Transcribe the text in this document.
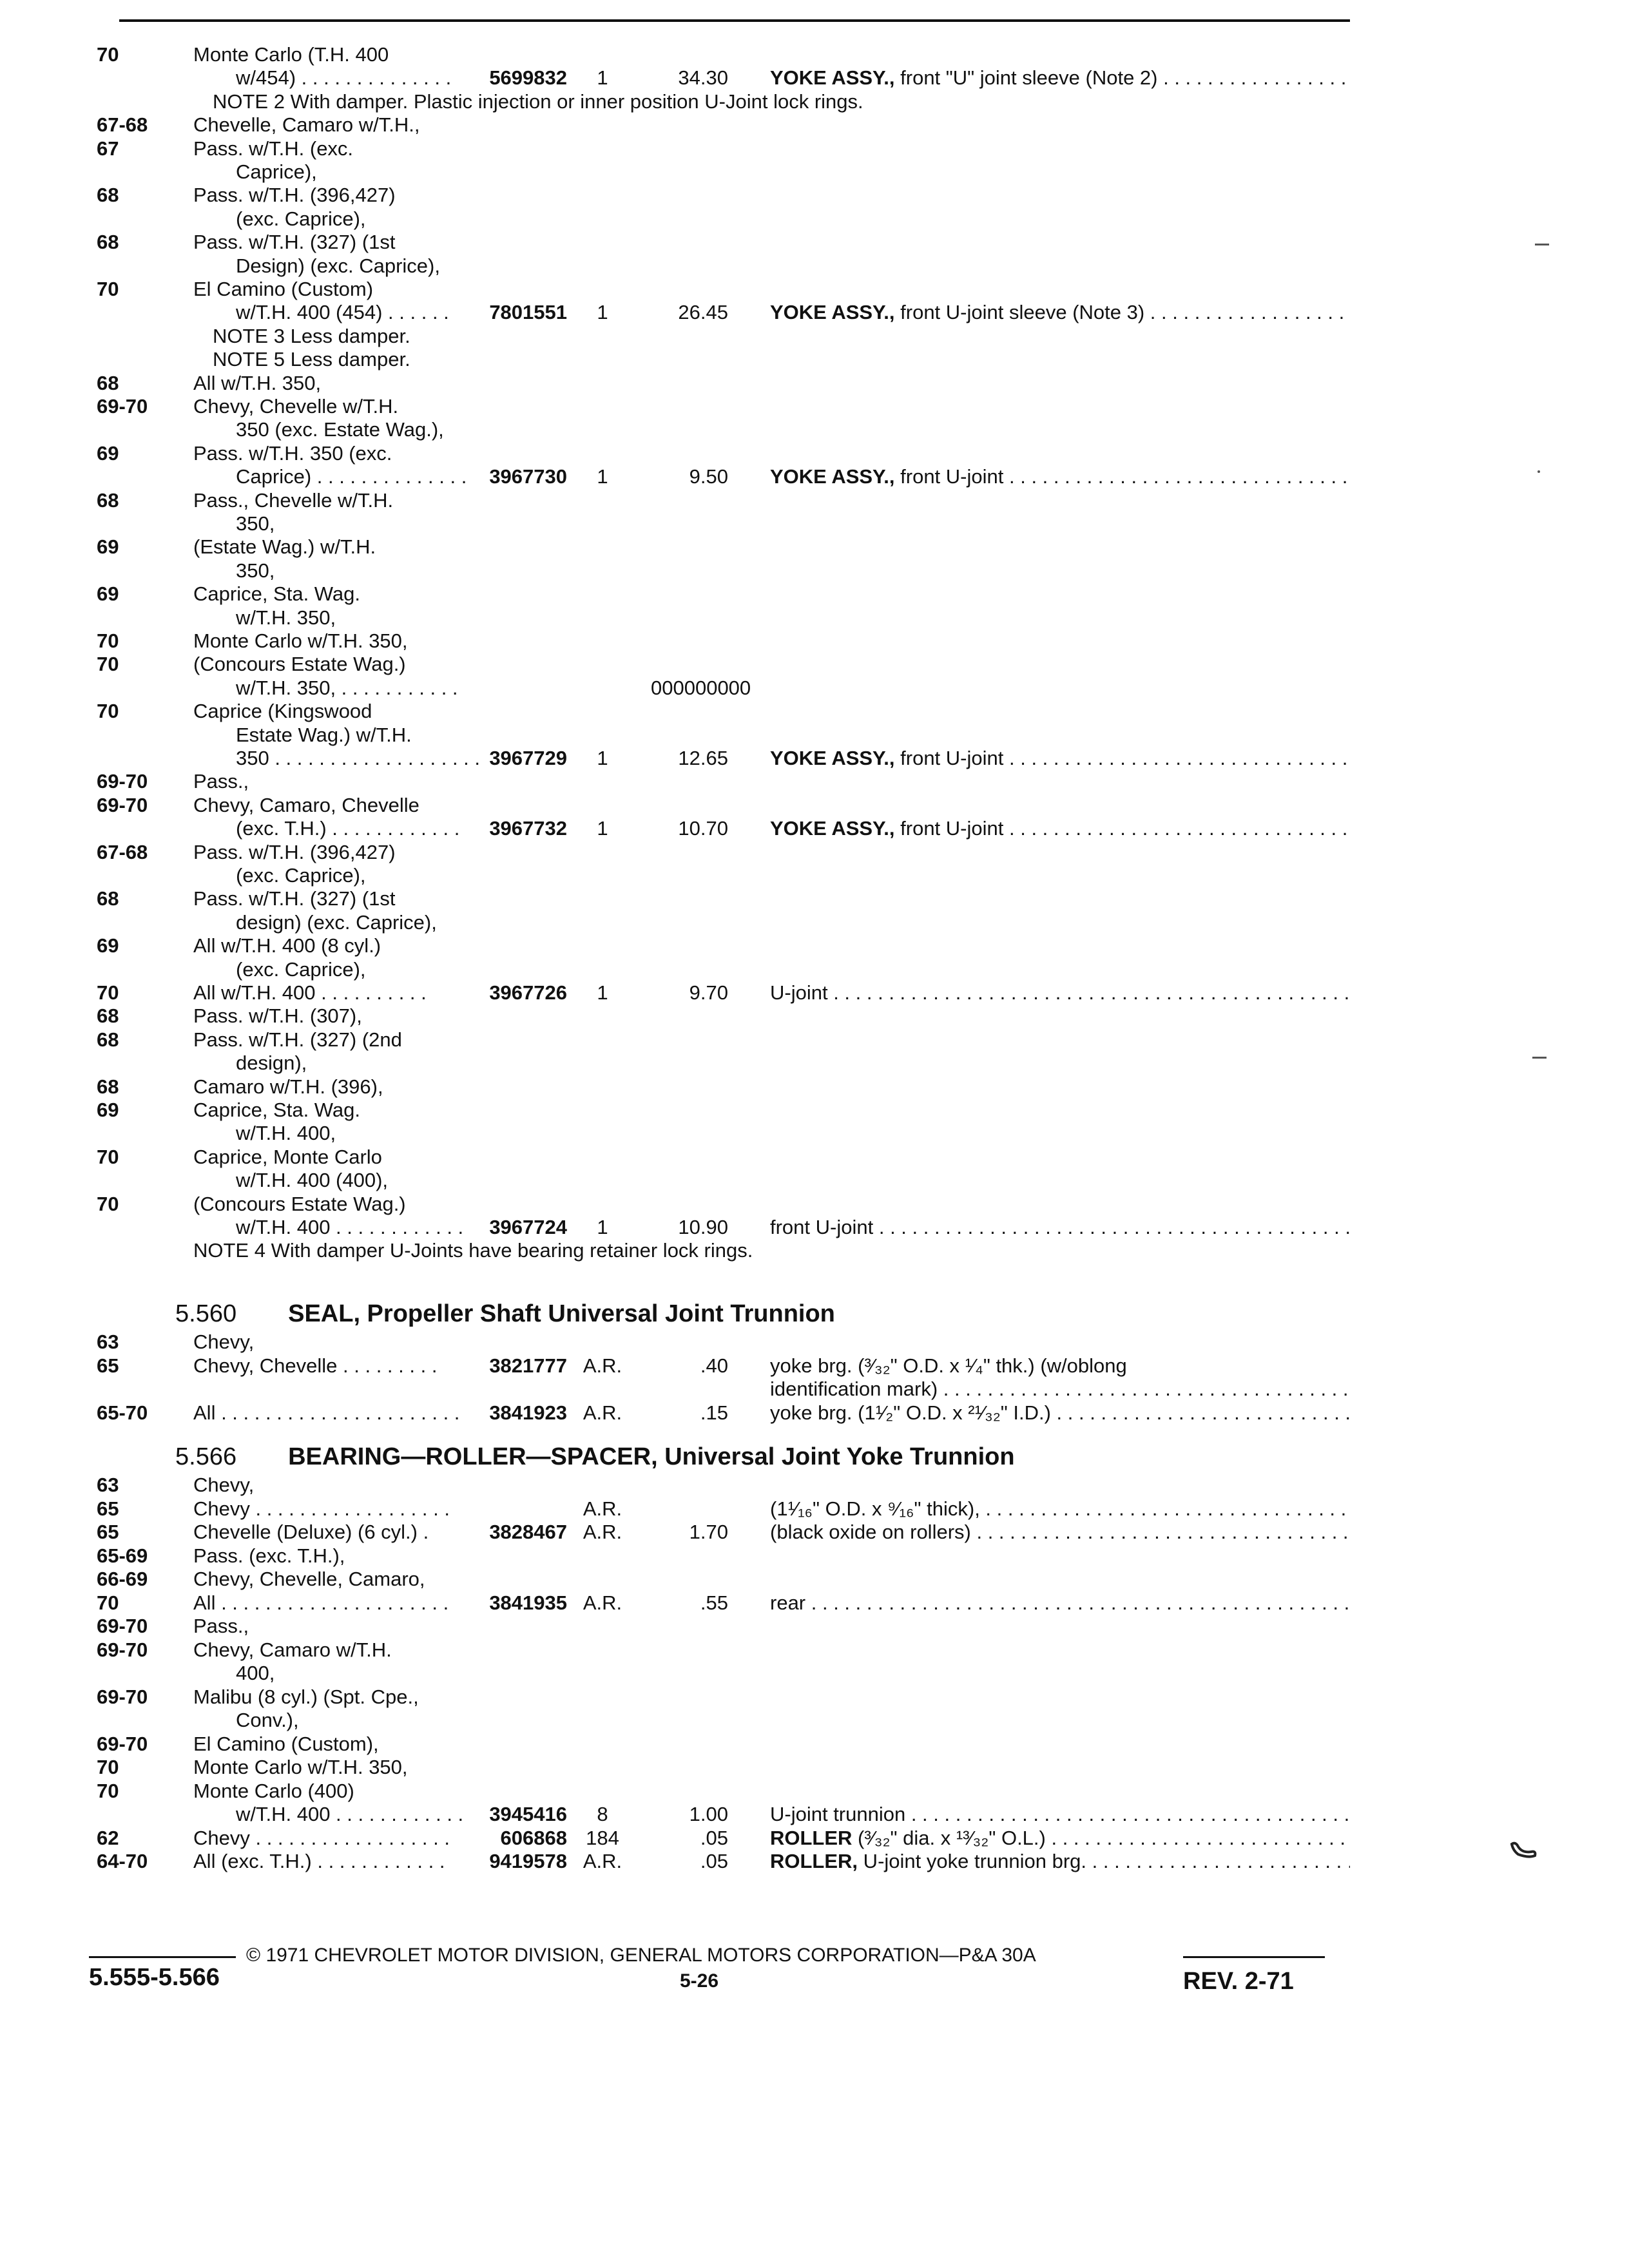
70	Monte Carlo (T.H. 400
w/454) . . . . . . . . . . . . . .	5699832	1	34.30 YOKE ASSY., front "U" joint sleeve (Note 2) . . .
NOTE 2 With damper. Plastic injection or inner position U-Joint lock rings.
67-68	Chevelle, Camaro w/T.H.,
67	Pass. w/T.H. (exc.
Caprice),
68	Pass. w/T.H. (396,427)
(exc. Caprice),
68	Pass. w/T.H. (327) (1st
Design) (exc. Caprice),
70	El Camino (Custom)
w/T.H. 400 (454) . . . . . .	7801551	1	26.45 YOKE ASSY., front U-joint sleeve (Note 3) . . .
NOTE 3 Less damper.
NOTE 5 Less damper.
68	All w/T.H. 350,
69-70	Chevy, Chevelle w/T.H.
350 (exc. Estate Wag.),
69	Pass. w/T.H. 350 (exc.
Caprice) . . . . . . . . . . . . . .	3967730	1	9.50 YOKE ASSY., front U-joint . . .
68	Pass., Chevelle w/T.H.
350,
69	(Estate Wag.) w/T.H.
350,
69	Caprice, Sta. Wag.
w/T.H. 350,
70	Monte Carlo w/T.H. 350,
70	(Concours Estate Wag.)
w/T.H. 350, . . . . . . . . . . .	000000000
70	Caprice (Kingswood
Estate Wag.) w/T.H.
350 . . . . . . . . . . . . . . . . . . . 3967729	1	12.65 YOKE ASSY., front U-joint . . .
69-70	Pass.,
69-70	Chevy, Camaro, Chevelle
(exc. T.H.) . . . . . . . . . . . .	3967732	1	10.70 YOKE ASSY., front U-joint . . .
67-68	Pass. w/T.H. (396,427)
(exc. Caprice),
68	Pass. w/T.H. (327) (1st
design) (exc. Caprice),
69	All w/T.H. 400 (8 cyl.)
(exc. Caprice),
70	All w/T.H. 400 . . . . . . . . . .	3967726	1	9.70 U-joint . . .
68	Pass. w/T.H. (307),
68	Pass. w/T.H. (327) (2nd
design),
68	Camaro w/T.H. (396),
69	Caprice, Sta. Wag.
w/T.H. 400,
70	Caprice, Monte Carlo
w/T.H. 400 (400),
70	(Concours Estate Wag.)
w/T.H. 400 . . . . . . . . . . . .	3967724	1	10.90 front U-joint . . .
NOTE 4 With damper U-Joints have bearing retainer lock rings.
5.560 SEAL, Propeller Shaft Universal Joint Trunnion
63	Chevy,
65	Chevy, Chevelle . . . . . . . . .	3821777 A.R.	.40 yoke brg. (³⁄₃₂" O.D. x ¹⁄₄" thk.) (w/oblong
identification mark) . . .
65-70	All . . . . . . . . . . . . . . . . . . . . . .	3841923 A.R.	.15 yoke brg. (1¹⁄₂" O.D. x ²¹⁄₃₂" I.D.) . . .
5.566 BEARING—ROLLER—SPACER, Universal Joint Yoke Trunnion
63	Chevy,
65	Chevy . . . . . . . . . . . . . . . . . .	A.R.	(1¹⁄₁₆" O.D. x ⁹⁄₁₆" thick), . . .
65	Chevelle (Deluxe) (6 cyl.) .	3828467 A.R.	1.70 (black oxide on rollers) . . .
65-69	Pass. (exc. T.H.),
66-69	Chevy, Chevelle, Camaro,
70	All . . . . . . . . . . . . . . . . . . . . .	3841935 A.R.	.55 rear . . .
69-70	Pass.,
69-70	Chevy, Camaro w/T.H.
400,
69-70	Malibu (8 cyl.) (Spt. Cpe.,
Conv.),
69-70	El Camino (Custom),
70	Monte Carlo w/T.H. 350,
70	Monte Carlo (400)
w/T.H. 400 . . . . . . . . . . . .	3945416	8	1.00 U-joint trunnion . . .
62	Chevy . . . . . . . . . . . . . . . . . .	606868 184	.05 ROLLER (³⁄₃₂" dia. x ¹³⁄₃₂" O.L.) . . .
64-70	All (exc. T.H.) . . . . . . . . . . . .	9419578 A.R.	.05 ROLLER, U-joint yoke trunnion brg. . . .
© 1971 CHEVROLET MOTOR DIVISION, GENERAL MOTORS CORPORATION—P&A 30A
5.555-5.566	5-26	REV. 2-71
